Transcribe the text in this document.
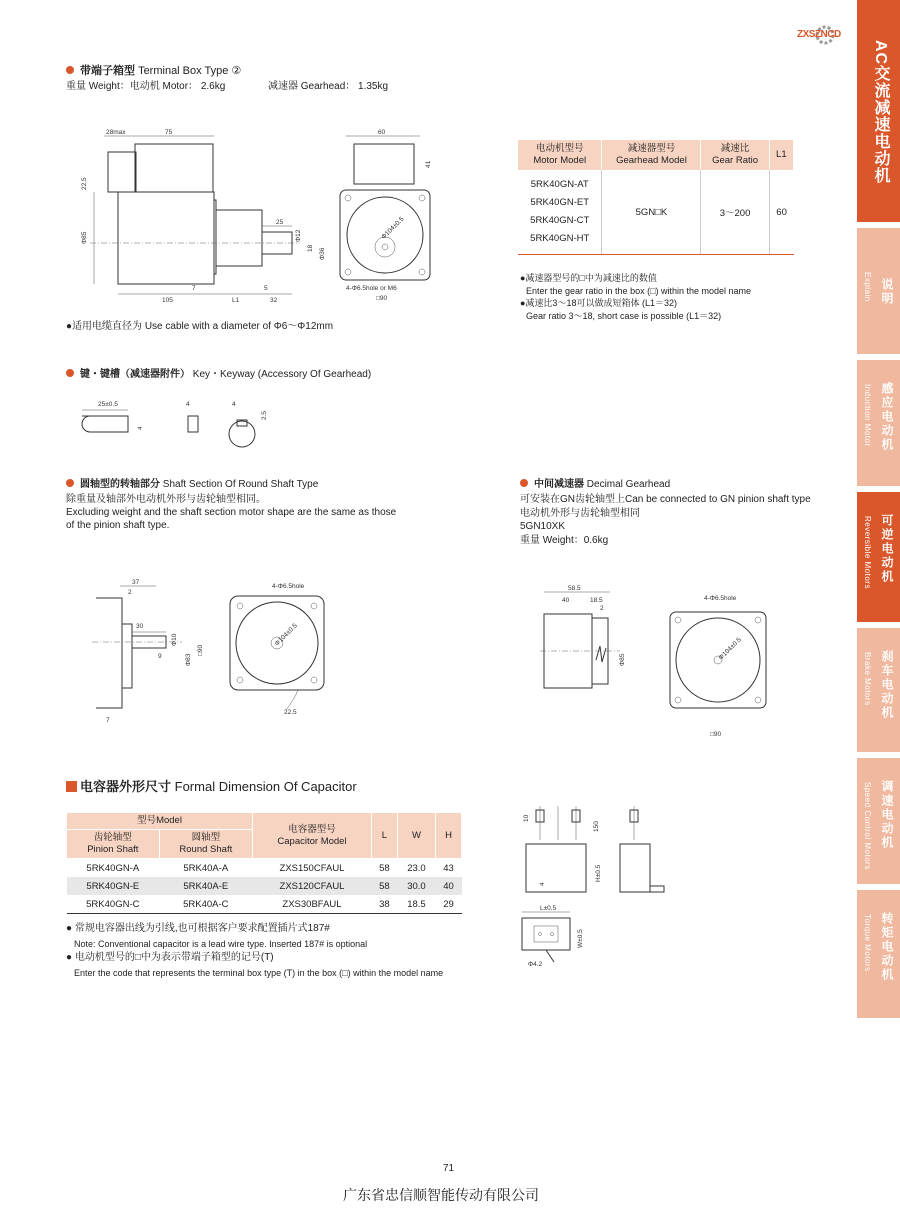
ZXSZNCD
AC交流减速电动机
说明
Explain
感应电动机
Induction Motor
可逆电动机
Reversible Motors
刹车电动机
Brake Motors
调速电动机
Speed Control Motors
转矩电动机
Torque Motors
带端子箱型 Terminal Box Type ②
重量 Weight：电动机 Motor： 2.6kg	减速器 Gearhead： 1.35kg
28max	75
Φ85
22.5
25
Φ12
18 Φ36
7	5
105	L1	32
60
41
Φ104±0.5
4-Φ6.5hole or M6
□90
●适用电缆直径为 Use cable with a diameter of Φ6～Φ12mm
电动机型号
Motor Model	减速器型号
Gearhead Model	减速比
Gear Ratio	L1

5RK40GN-AT
5RK40GN-ET
5RK40GN-CT
5RK40GN-HT	5GN□K	3～200	60
●减速器型号的□中为减速比的数值
Enter the gear ratio in the box (□) within the model name
●减速比3～18可以做成短箱体 (L1＝32)
Gear ratio 3～18, short case is possible (L1＝32)
键・键槽（减速器附件） Key・Keyway (Accessory Of Gearhead)
25±0.5
4
4	4
2.5
圆轴型的转轴部分 Shaft Section Of Round Shaft Type
除重量及轴部外电动机外形与齿轮轴型相同。
Excluding weight and the shaft section motor shape are the same as those
of the pinion shaft type.
37
2
30
9
Φ10
Φ83
□90
7
4-Φ6.5hole
Φ104±0.5
22.5
中间减速器 Decimal Gearhead
可安装在GN齿轮轴型上Can be connected to GN pinion shaft type
电动机外形与齿轮轴型相同
5GN10XK
重量 Weight：0.6kg
58.5
40	18.5
2
Φ85
4-Φ6.5hole
Φ104±0.5
□90
电容器外形尺寸 Formal Dimension Of Capacitor
型号Model		电容器型号
Capacitor Model	L	W	H
齿轮轴型
Pinion Shaft	圆轴型
Round Shaft				
5RK40GN-A	5RK40A-A	ZXS150CFAUL	58	23.0	43
5RK40GN-E	5RK40A-E	ZXS120CFAUL	58	30.0	40
5RK40GN-C	5RK40A-C	ZXS30BFAUL	38	18.5	29
● 常规电容器出线为引线,也可根据客户要求配置插片式187#
Note: Conventional capacitor is a lead wire type. Inserted 187# is optional
● 电动机型号的□中为表示带端子箱型的记号(T)
Enter the code that represents the terminal box type (T) in the box (□) within the model name
10
150
4
H±0.5
L±0.5
W±0.5
Φ4.2
71
广东省忠信顺智能传动有限公司
